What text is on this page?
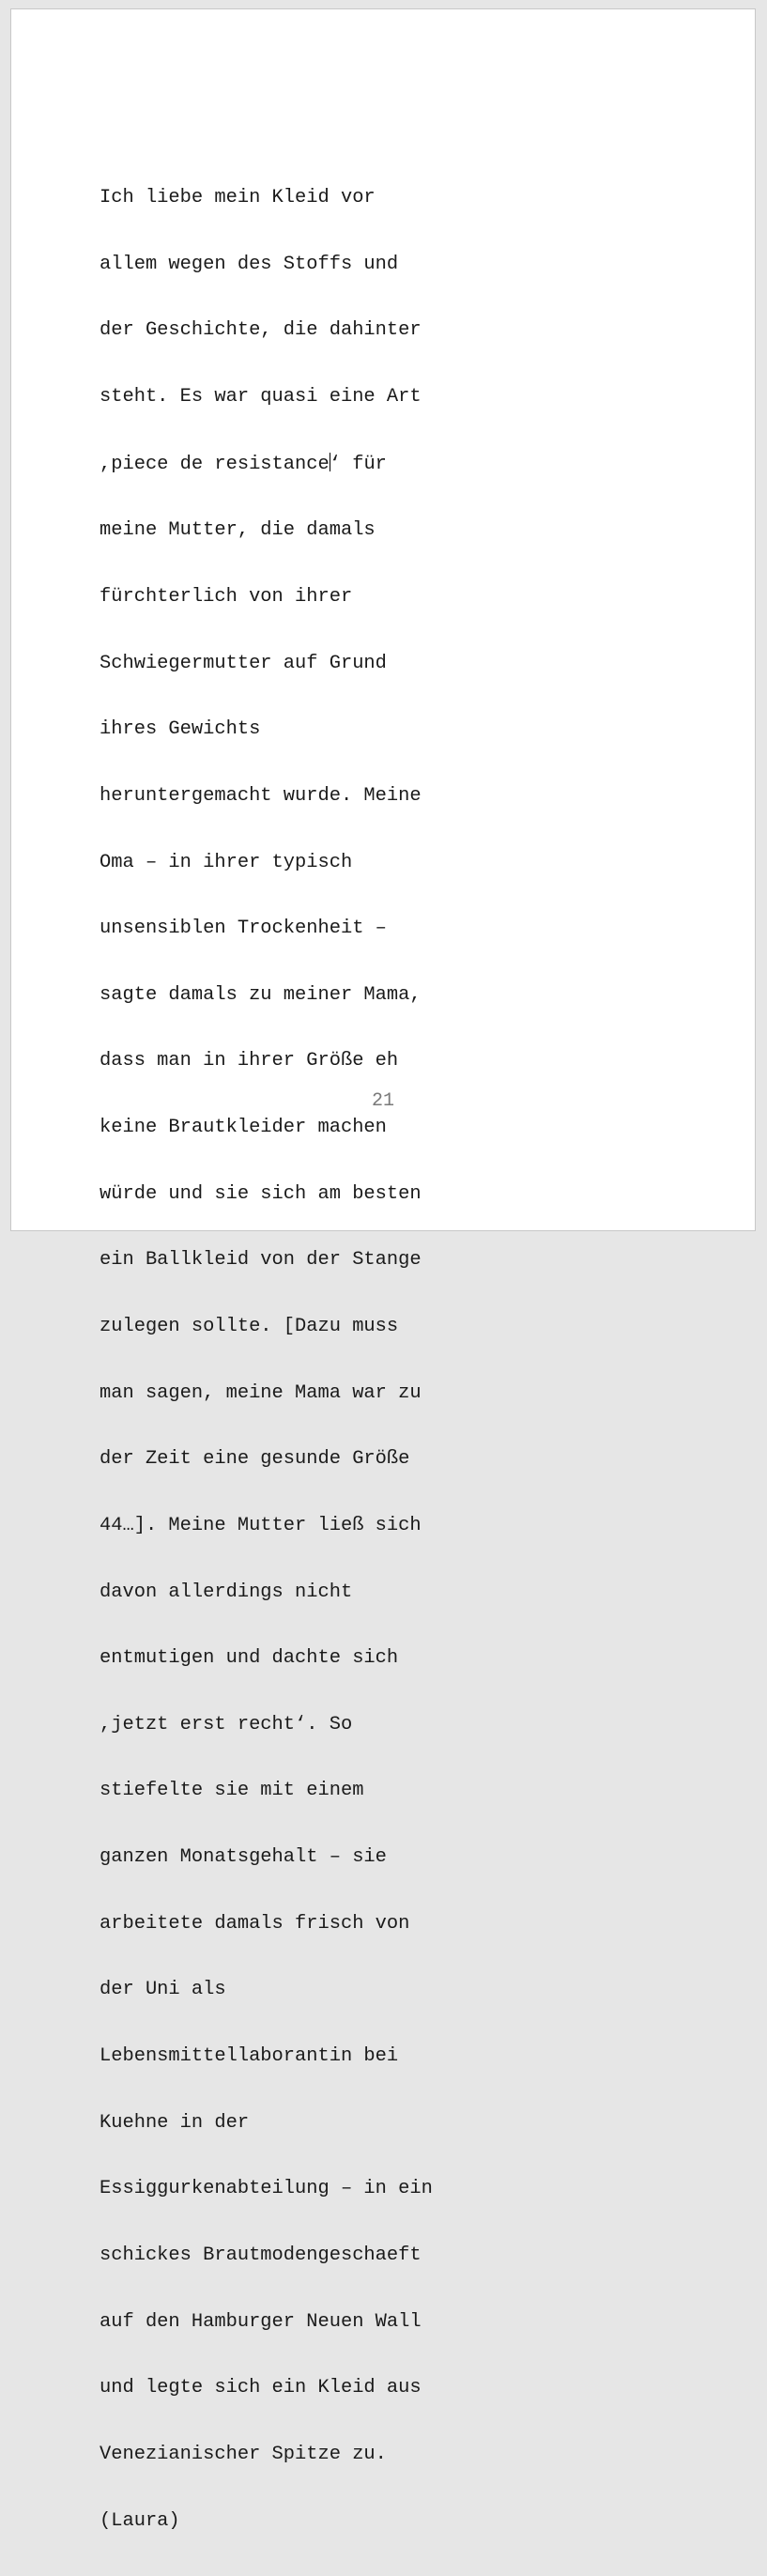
Ich liebe mein Kleid vor

allem wegen des Stoffs und

der Geschichte, die dahinter

steht. Es war quasi eine Art

,piece de resistance‘ für

meine Mutter, die damals

fürchterlich von ihrer

Schwiegermutter auf Grund

ihres Gewichts

heruntergemacht wurde. Meine

Oma – in ihrer typisch

unsensiblen Trockenheit –

sagte damals zu meiner Mama,

dass man in ihrer Größe eh

keine Brautkleider machen

würde und sie sich am besten

ein Ballkleid von der Stange

zulegen sollte. [Dazu muss

man sagen, meine Mama war zu

der Zeit eine gesunde Größe

44…]. Meine Mutter ließ sich

davon allerdings nicht

entmutigen und dachte sich

,jetzt erst recht‘. So

stiefelte sie mit einem

ganzen Monatsgehalt – sie

arbeitete damals frisch von

der Uni als

Lebensmittellaborantin bei

Kuehne in der

Essiggurkenabteilung – in ein

schickes Brautmodengeschaeft

auf den Hamburger Neuen Wall

und legte sich ein Kleid aus

Venezianischer Spitze zu.

(Laura)

21
